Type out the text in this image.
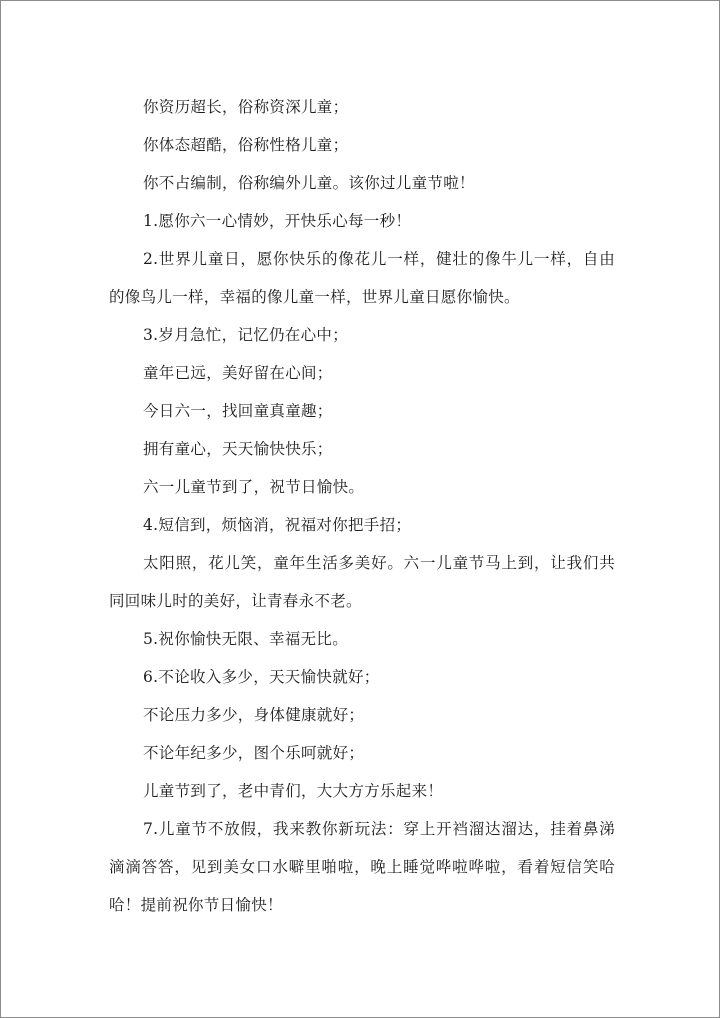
你资历超长，俗称资深儿童；

你体态超酷，俗称性格儿童；

你不占编制，俗称编外儿童。该你过儿童节啦！

1.愿你六一心情妙，开快乐心每一秒！

2.世界儿童日，愿你快乐的像花儿一样，健壮的像牛儿一样，自由的像鸟儿一样，幸福的像儿童一样，世界儿童日愿你愉快。

3.岁月急忙，记忆仍在心中；

童年已远，美好留在心间；

今日六一，找回童真童趣；

拥有童心，天天愉快快乐；

六一儿童节到了，祝节日愉快。

4.短信到，烦恼消，祝福对你把手招；

太阳照，花儿笑，童年生活多美好。六一儿童节马上到，让我们共同回味儿时的美好，让青春永不老。

5.祝你愉快无限、幸福无比。

6.不论收入多少，天天愉快就好；

不论压力多少，身体健康就好；

不论年纪多少，图个乐呵就好；

儿童节到了，老中青们，大大方方乐起来！

7.儿童节不放假，我来教你新玩法：穿上开裆溜达溜达，挂着鼻涕滴滴答答，见到美女口水噼里啪啦，晚上睡觉哗啦哗啦，看着短信笑哈哈！提前祝你节日愉快！
